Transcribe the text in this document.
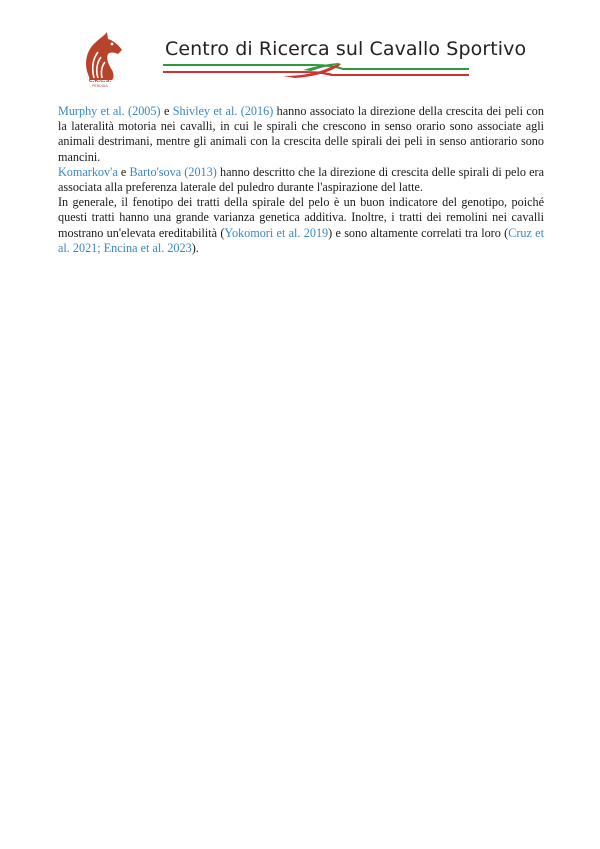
C.R.C.S.
PERUGIA
Centro di Ricerca sul Cavallo Sportivo

Murphy et al. (2005) e Shivley et al. (2016) hanno associato la direzione della crescita dei peli con la lateralità motoria nei cavalli, in cui le spirali che crescono in senso orario sono associate agli animali destrimani, mentre gli animali con la crescita delle spirali dei peli in senso antiorario sono mancini.

Komarkov'a e Barto'sova (2013) hanno descritto che la direzione di crescita delle spirali di pelo era associata alla preferenza laterale del puledro durante l'aspirazione del latte.

In generale, il fenotipo dei tratti della spirale del pelo è un buon indicatore del genotipo, poiché questi tratti hanno una grande varianza genetica additiva. Inoltre, i tratti dei remolini nei cavalli mostrano un'elevata ereditabilità (Yokomori et al. 2019) e sono altamente correlati tra loro (Cruz et al. 2021; Encina et al. 2023).
